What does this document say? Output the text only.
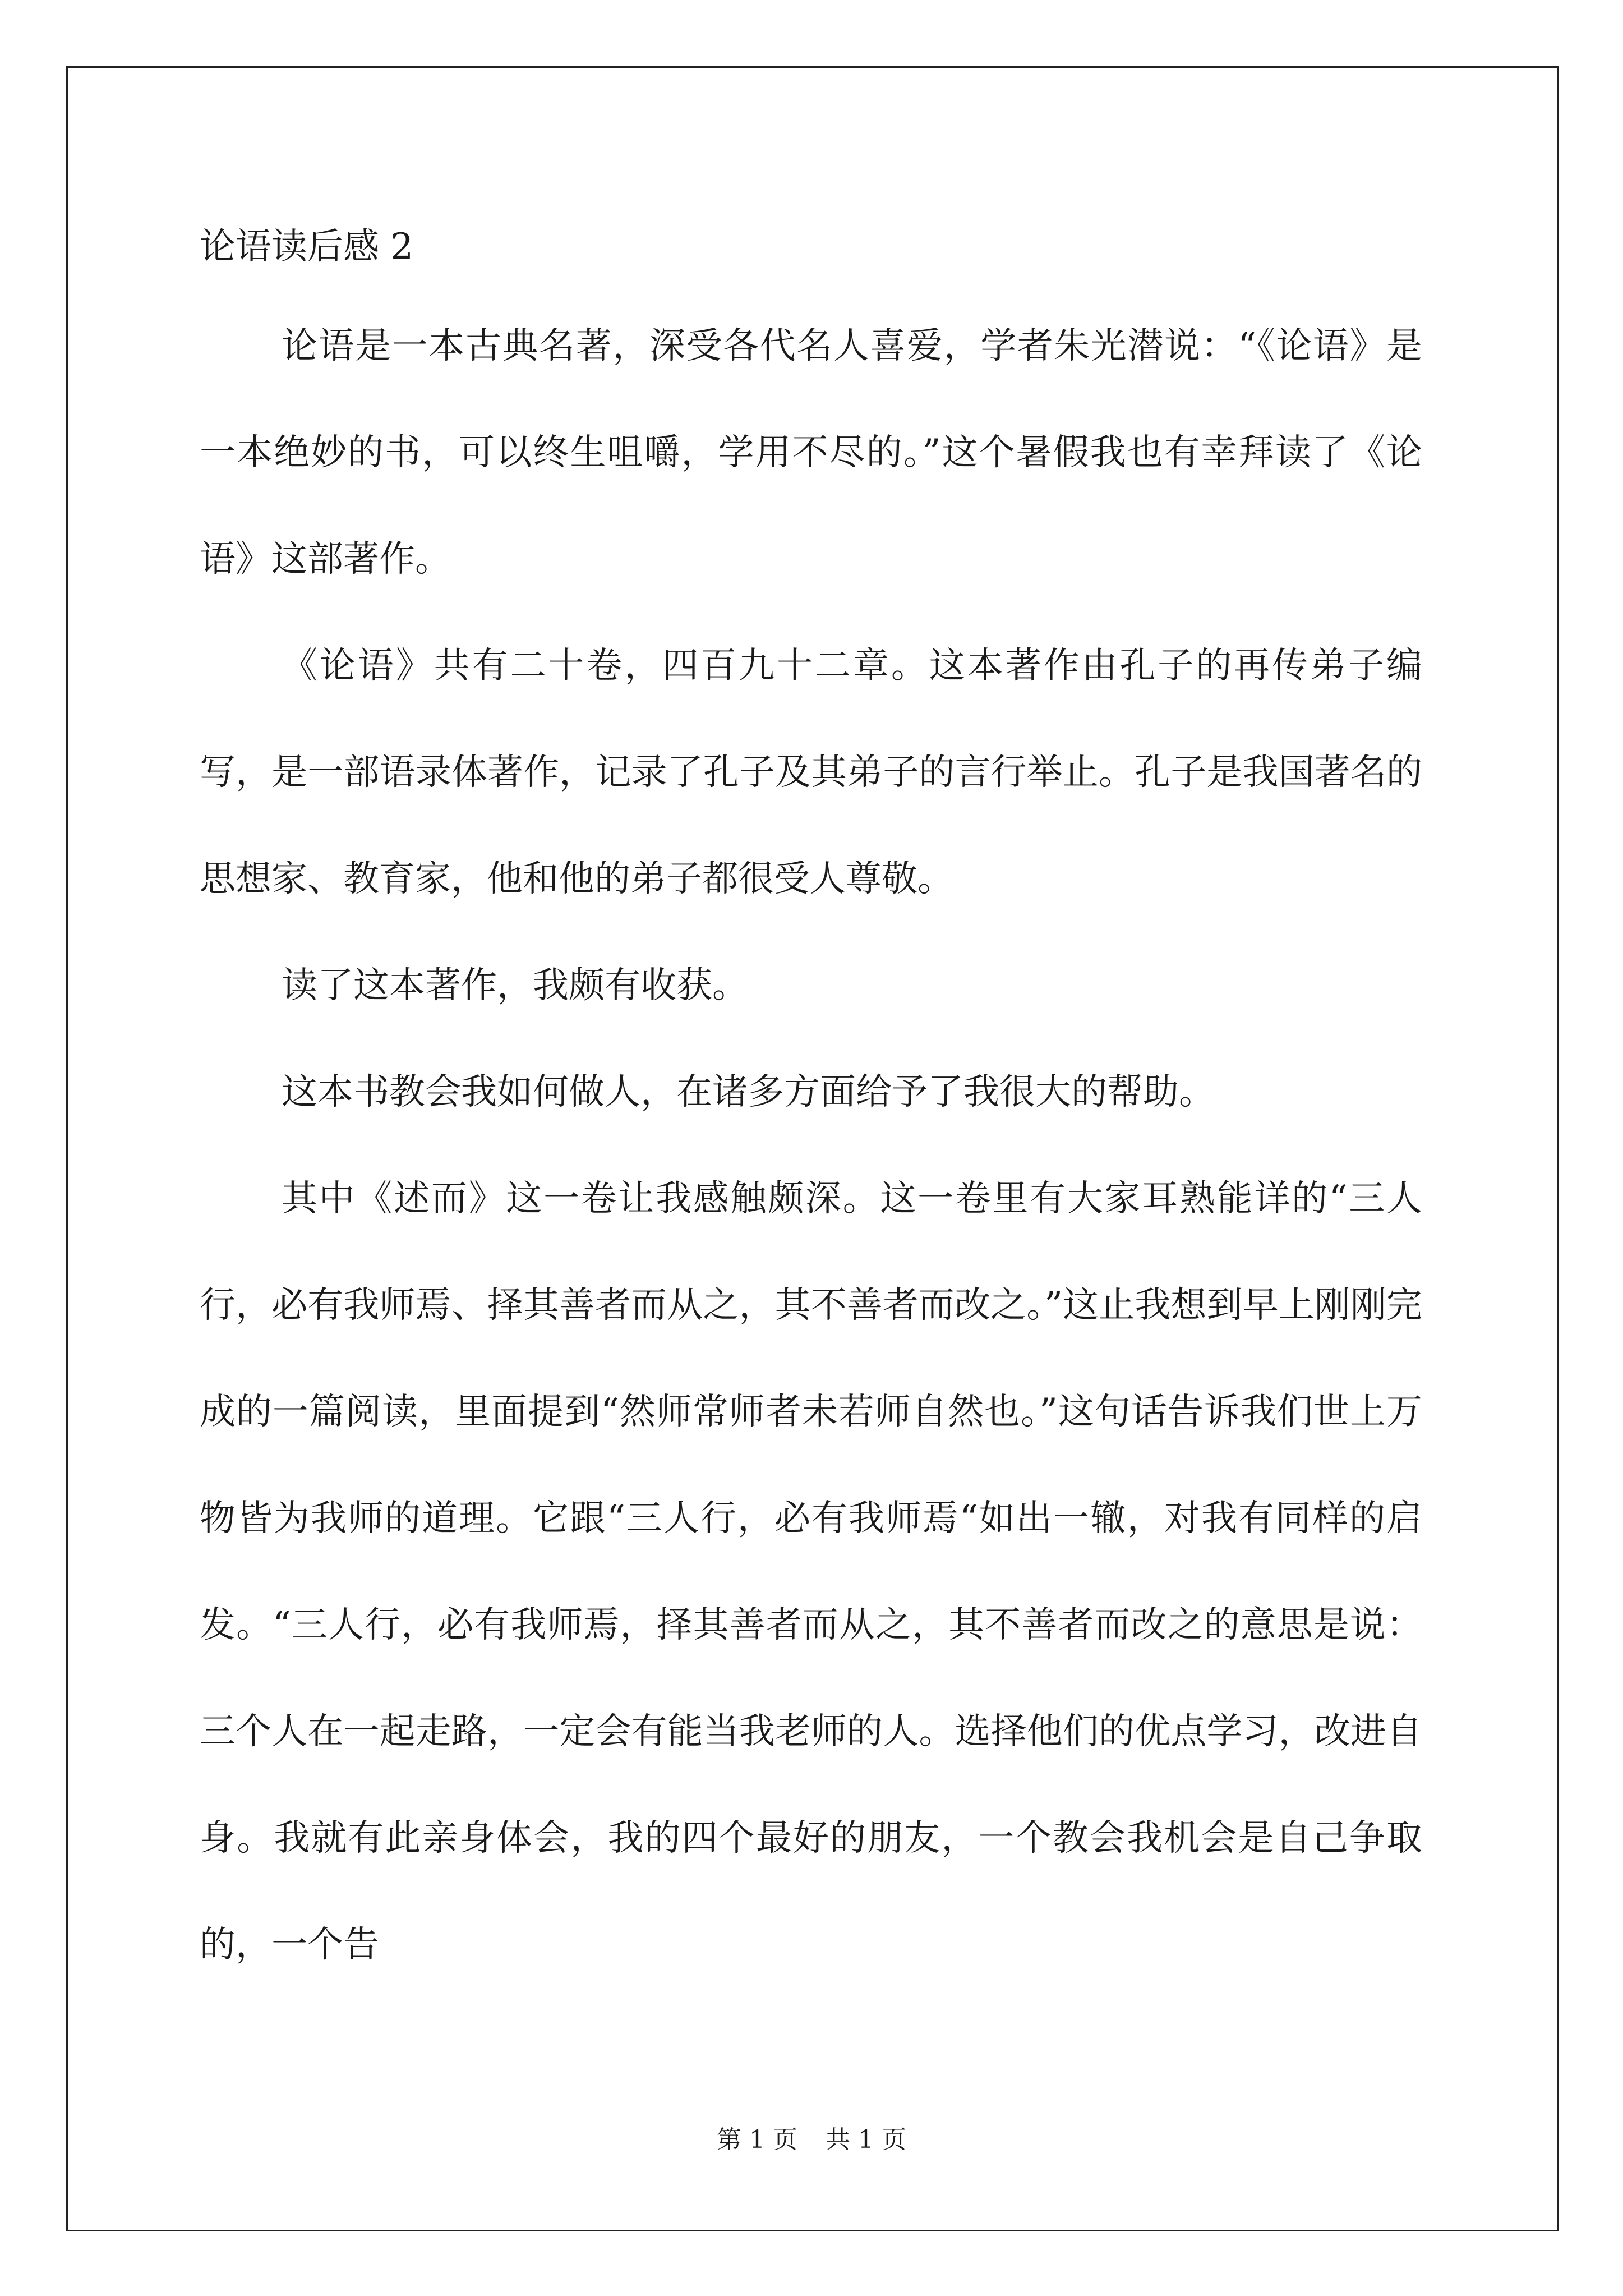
论语读后感 2

论语是一本古典名著，深受各代名人喜爱，学者朱光潜说：“《论语》是一本绝妙的书，可以终生咀嚼，学用不尽的。”这个暑假我也有幸拜读了《论语》这部著作。

《论语》共有二十卷，四百九十二章。这本著作由孔子的再传弟子编写，是一部语录体著作，记录了孔子及其弟子的言行举止。孔子是我国著名的思想家、教育家，他和他的弟子都很受人尊敬。

读了这本著作，我颇有收获。

这本书教会我如何做人，在诸多方面给予了我很大的帮助。

其中《述而》这一卷让我感触颇深。这一卷里有大家耳熟能详的“三人行，必有我师焉、择其善者而从之，其不善者而改之。”这止我想到早上刚刚完成的一篇阅读，里面提到“然师常师者未若师自然也。”这句话告诉我们世上万物皆为我师的道理。它跟“三人行，必有我师焉“如出一辙，对我有同样的启发。“三人行，必有我师焉，择其善者而从之，其不善者而改之的意思是说：三个人在一起走路，一定会有能当我老师的人。选择他们的优点学习，改进自身。我就有此亲身体会，我的四个最好的朋友，一个教会我机会是自己争取的，一个告

第 1 页 共 1 页
